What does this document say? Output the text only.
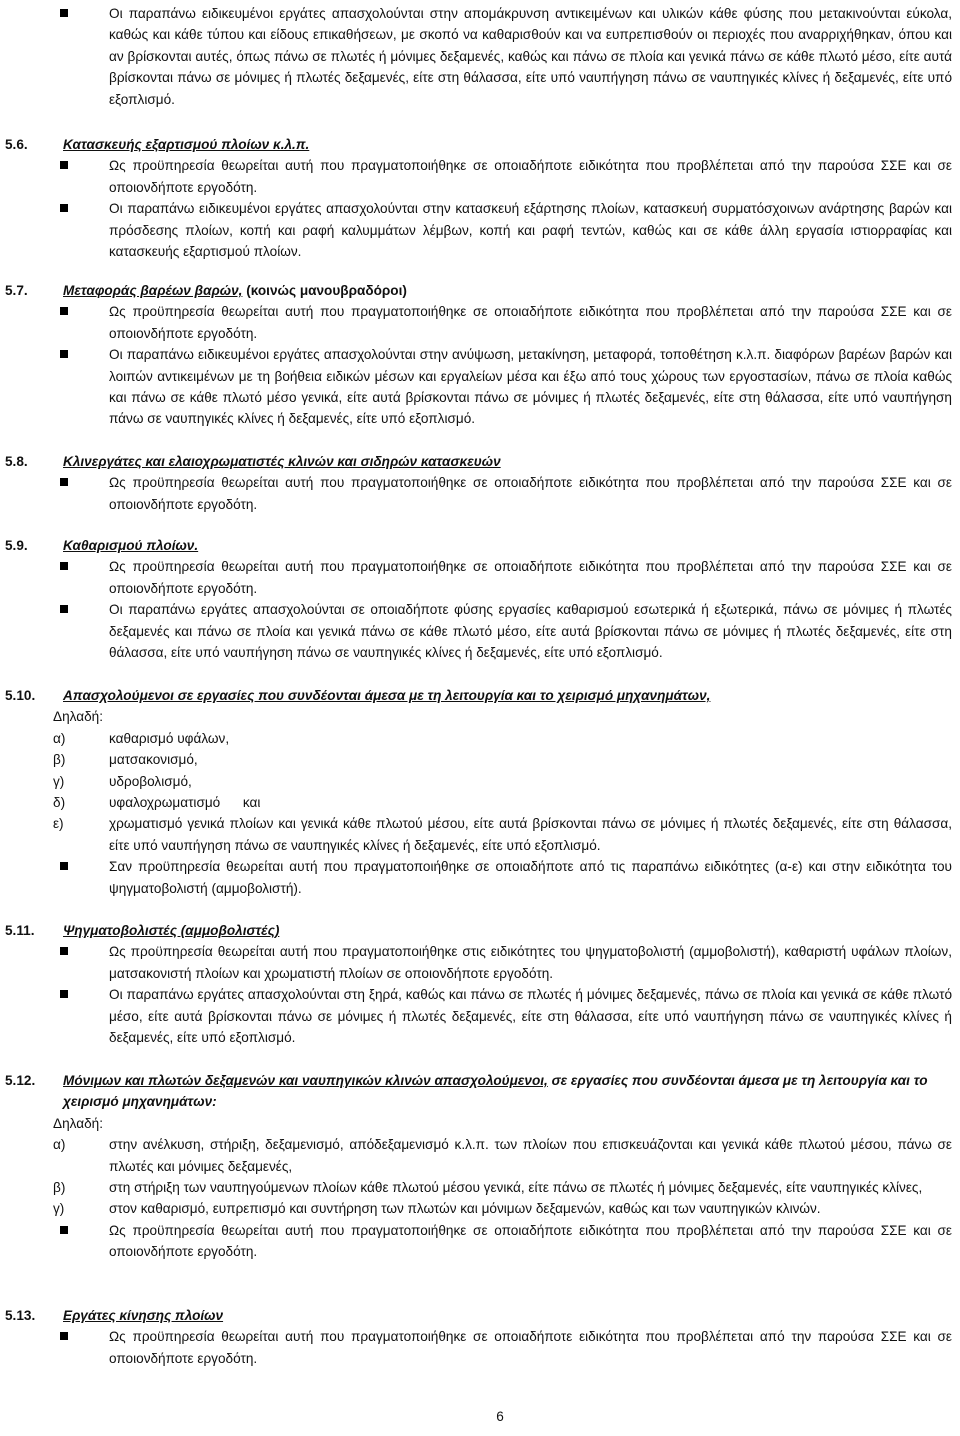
Οι παραπάνω ειδικευμένοι εργάτες απασχολούνται στην απομάκρυνση αντικειμένων και υλικών κάθε φύσης που μετακινούνται εύκολα, καθώς και κάθε τύπου και είδους επικαθήσεων, με σκοπό να καθαρισθούν και να ευπρεπισθούν οι περιοχές που αναρριχήθηκαν, όπου και αν βρίσκονται αυτές, όπως πάνω σε πλωτές ή μόνιμες δεξαμενές, καθώς και πάνω σε πλοία και γενικά πάνω σε κάθε πλωτό μέσο, είτε αυτά βρίσκονται πάνω σε μόνιμες ή πλωτές δεξαμενές, είτε στη θάλασσα, είτε υπό ναυπήγηση πάνω σε ναυπηγικές κλίνες ή δεξαμενές, είτε υπό εξοπλισμό.
5.6.	Κατασκευής εξαρτισμού πλοίων κ.λ.π.
Ως προϋπηρεσία θεωρείται αυτή που πραγματοποιήθηκε σε οποιαδήποτε ειδικότητα που προβλέπεται από την παρούσα ΣΣΕ και σε οποιονδήποτε εργοδότη.
Οι παραπάνω ειδικευμένοι εργάτες απασχολούνται στην κατασκευή εξάρτησης πλοίων, κατασκευή συρματόσχοινων ανάρτησης βαρών και πρόσδεσης πλοίων, κοπή και ραφή καλυμμάτων λέμβων, κοπή και ραφή τεντών, καθώς και σε κάθε άλλη εργασία ιστιορραφίας και κατασκευής εξαρτισμού πλοίων.
5.7.	Μεταφοράς βαρέων βαρών, (κοινώς μανουβραδόροι)
Ως προϋπηρεσία θεωρείται αυτή που πραγματοποιήθηκε σε οποιαδήποτε ειδικότητα που προβλέπεται από την παρούσα ΣΣΕ και σε οποιονδήποτε εργοδότη.
Οι παραπάνω ειδικευμένοι εργάτες απασχολούνται στην ανύψωση, μετακίνηση, μεταφορά, τοποθέτηση κ.λ.π. διαφόρων βαρέων βαρών και λοιπών αντικειμένων με τη βοήθεια ειδικών μέσων και εργαλείων μέσα και έξω από τους χώρους των εργοστασίων, πάνω σε πλοία καθώς και πάνω σε κάθε πλωτό μέσο γενικά, είτε αυτά βρίσκονται πάνω σε μόνιμες ή πλωτές δεξαμενές, είτε στη θάλασσα, είτε υπό ναυπήγηση πάνω σε ναυπηγικές κλίνες ή δεξαμενές, είτε υπό εξοπλισμό.
5.8.	Κλινεργάτες και ελαιοχρωματιστές κλινών και σιδηρών κατασκευών
Ως προϋπηρεσία θεωρείται αυτή που πραγματοποιήθηκε σε οποιαδήποτε ειδικότητα που προβλέπεται από την παρούσα ΣΣΕ και σε οποιονδήποτε εργοδότη.
5.9.	Καθαρισμού πλοίων.
Ως προϋπηρεσία θεωρείται αυτή που πραγματοποιήθηκε σε οποιαδήποτε ειδικότητα που προβλέπεται από την παρούσα ΣΣΕ και σε οποιονδήποτε εργοδότη.
Οι παραπάνω εργάτες απασχολούνται σε οποιαδήποτε φύσης εργασίες καθαρισμού εσωτερικά ή εξωτερικά, πάνω σε μόνιμες ή πλωτές δεξαμενές και πάνω σε πλοία και γενικά πάνω σε κάθε πλωτό μέσο, είτε αυτά βρίσκονται πάνω σε μόνιμες ή πλωτές δεξαμενές, είτε στη θάλασσα, είτε υπό ναυπήγηση πάνω σε ναυπηγικές κλίνες ή δεξαμενές, είτε υπό εξοπλισμό.
5.10. Απασχολούμενοι σε εργασίες που συνδέονται άμεσα με τη λειτουργία και το χειρισμό μηχανημάτων,
Δηλαδή:
α)	καθαρισμό υφάλων,
β)	ματσακονισμό,
γ)	υδροβολισμό,
δ)	υφαλοχρωματισμό      και
ε)	χρωματισμό γενικά πλοίων και γενικά κάθε πλωτού μέσου, είτε αυτά βρίσκονται πάνω σε μόνιμες ή πλωτές δεξαμενές, είτε στη θάλασσα, είτε υπό ναυπήγηση πάνω σε ναυπηγικές κλίνες ή δεξαμενές, είτε υπό εξοπλισμό.
Σαν προϋπηρεσία θεωρείται αυτή που πραγματοποιήθηκε σε οποιαδήποτε από τις παραπάνω ειδικότητες (α-ε) και στην ειδικότητα του ψηγματοβολιστή (αμμοβολιστή).
5.11. Ψηγματοβολιστές (αμμοβολιστές)
Ως προϋπηρεσία θεωρείται αυτή που πραγματοποιήθηκε στις ειδικότητες του ψηγματοβολιστή (αμμοβολιστή), καθαριστή υφάλων πλοίων, ματσακονιστή πλοίων και χρωματιστή πλοίων σε οποιονδήποτε εργοδότη.
Οι παραπάνω εργάτες απασχολούνται στη ξηρά, καθώς και πάνω σε πλωτές ή μόνιμες δεξαμενές, πάνω σε πλοία και γενικά σε κάθε πλωτό μέσο, είτε αυτά βρίσκονται πάνω σε μόνιμες ή πλωτές δεξαμενές, είτε στη θάλασσα, είτε υπό ναυπήγηση πάνω σε ναυπηγικές κλίνες ή δεξαμενές, είτε υπό εξοπλισμό.
5.12. Μόνιμων και πλωτών δεξαμενών και ναυπηγικών κλινών απασχολούμενοι, σε εργασίες που συνδέονται άμεσα με τη λειτουργία και το χειρισμό μηχανημάτων:
Δηλαδή:
α)	στην ανέλκυση, στήριξη, δεξαμενισμό, απόδεξαμενισμό κ.λ.π. των πλοίων που επισκευάζονται και γενικά κάθε πλωτού μέσου, πάνω σε πλωτές και μόνιμες δεξαμενές,
β)	στη στήριξη των ναυπηγούμενων πλοίων κάθε πλωτού μέσου γενικά, είτε πάνω σε πλωτές ή μόνιμες δεξαμενές, είτε ναυπηγικές κλίνες,
γ)	στον καθαρισμό, ευπρεπισμό και συντήρηση των πλωτών και μόνιμων δεξαμενών, καθώς και των ναυπηγικών κλινών.
Ως προϋπηρεσία θεωρείται αυτή που πραγματοποιήθηκε σε οποιαδήποτε ειδικότητα που προβλέπεται από την παρούσα ΣΣΕ και σε οποιονδήποτε εργοδότη.
5.13. Εργάτες κίνησης πλοίων
Ως προϋπηρεσία θεωρείται αυτή που πραγματοποιήθηκε σε οποιαδήποτε ειδικότητα που προβλέπεται από την παρούσα ΣΣΕ και σε οποιονδήποτε εργοδότη.
6
